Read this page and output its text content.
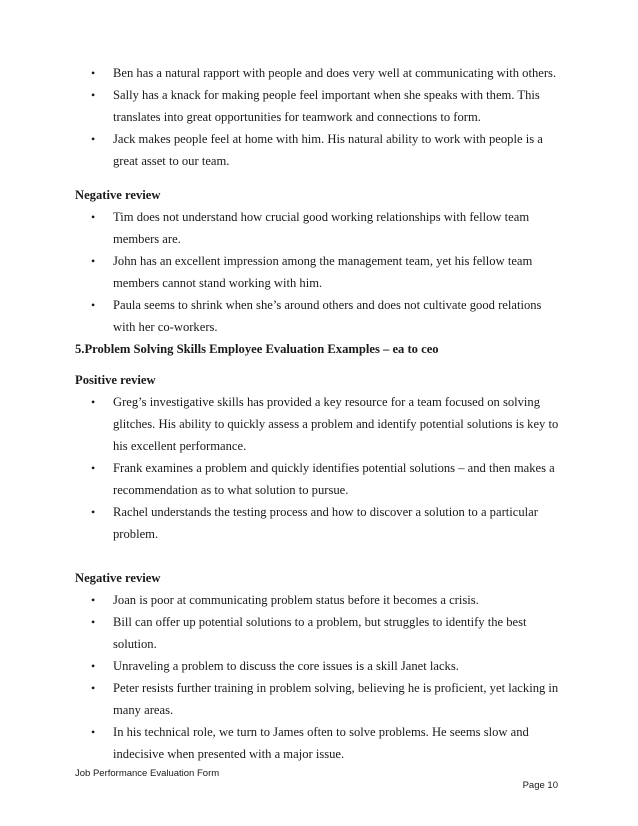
• Ben has a natural rapport with people and does very well at communicating with others.
• Sally has a knack for making people feel important when she speaks with them. This translates into great opportunities for teamwork and connections to form.
• Jack makes people feel at home with him. His natural ability to work with people is a great asset to our team.

Negative review

• Tim does not understand how crucial good working relationships with fellow team members are.
• John has an excellent impression among the management team, yet his fellow team members cannot stand working with him.
• Paula seems to shrink when she’s around others and does not cultivate good relations with her co-workers.

5.Problem Solving Skills Employee Evaluation Examples – ea to ceo

Positive review

• Greg’s investigative skills has provided a key resource for a team focused on solving glitches. His ability to quickly assess a problem and identify potential solutions is key to his excellent performance.
• Frank examines a problem and quickly identifies potential solutions – and then makes a recommendation as to what solution to pursue.
• Rachel understands the testing process and how to discover a solution to a particular problem.

Negative review

• Joan is poor at communicating problem status before it becomes a crisis.
• Bill can offer up potential solutions to a problem, but struggles to identify the best solution.
• Unraveling a problem to discuss the core issues is a skill Janet lacks.
• Peter resists further training in problem solving, believing he is proficient, yet lacking in many areas.
• In his technical role, we turn to James often to solve problems. He seems slow and indecisive when presented with a major issue.
Job Performance Evaluation Form
Page 10
